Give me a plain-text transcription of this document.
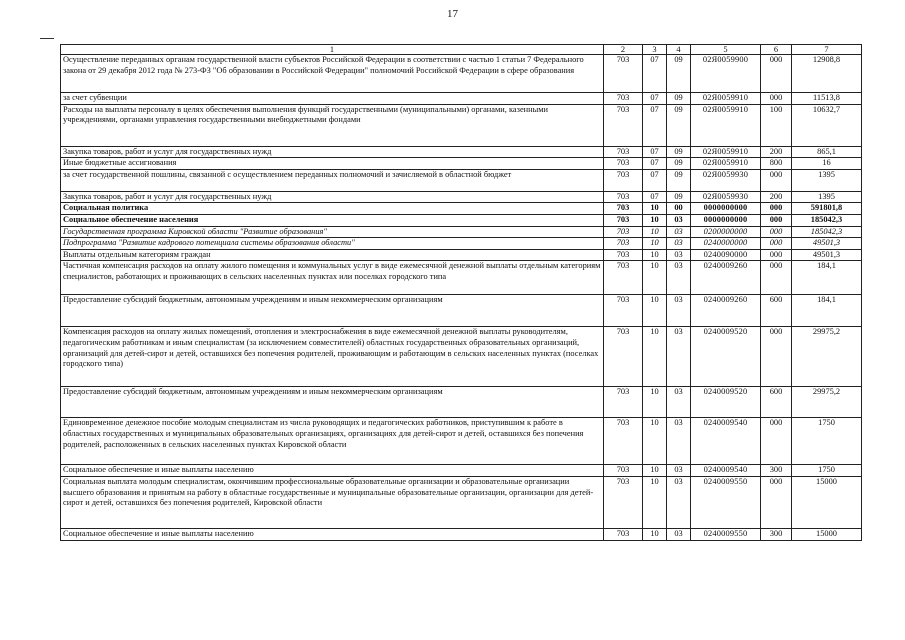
17
1	2	3	4	5	6	7
Осуществление переданных органам государственной власти субъектов Российской Федерации в соответствии с частью 1 статьи 7 Федерального закона от 29 декабря 2012 года № 273-ФЗ "Об образовании в Российской Федерации" полномочий Российской Федерации в сфере образования	703	07	09	02Я0059900	000	12908,8
за счет субвенции	703	07	09	02Я0059910	000	11513,8
Расходы на выплаты персоналу в целях обеспечения выполнения функций государственными (муниципальными) органами, казенными учреждениями, органами управления государственными внебюджетными фондами	703	07	09	02Я0059910	100	10632,7
Закупка товаров, работ и услуг для государственных нужд	703	07	09	02Я0059910	200	865,1
Иные бюджетные ассигнования	703	07	09	02Я0059910	800	16
за счет государственной пошлины, связанной с осуществлением переданных полномочий и зачисляемой в областной бюджет	703	07	09	02Я0059930	000	1395
Закупка товаров, работ и услуг для государственных нужд	703	07	09	02Я0059930	200	1395
Социальная политика	703	10	00	0000000000	000	591801,8
Социальное обеспечение населения	703	10	03	0000000000	000	185042,3
Государственная программа Кировской области "Развитие образования"	703	10	03	0200000000	000	185042,3
Подпрограмма "Развитие кадрового потенциала системы образования области"	703	10	03	0240000000	000	49501,3
Выплаты отдельным категориям граждан	703	10	03	0240090000	000	49501,3
Частичная компенсация расходов на оплату жилого помещения и коммунальных услуг в виде ежемесячной денежной выплаты отдельным категориям специалистов, работающих и проживающих в сельских населенных пунктах или поселках городского типа	703	10	03	0240009260	000	184,1
Предоставление субсидий бюджетным, автономным учреждениям и иным некоммерческим организациям	703	10	03	0240009260	600	184,1
Компенсация расходов на оплату жилых помещений, отопления и электроснабжения в виде ежемесячной денежной выплаты руководителям, педагогическим работникам и иным специалистам (за исключением совместителей) областных государственных образовательных организаций, организаций для детей-сирот и детей, оставшихся без попечения родителей, проживающим и работающим в сельских населенных пунктах (поселках городского типа)	703	10	03	0240009520	000	29975,2
Предоставление субсидий бюджетным, автономным учреждениям и иным некоммерческим организациям	703	10	03	0240009520	600	29975,2
Единовременное денежное пособие молодым специалистам из числа руководящих и педагогических работников, приступившим к работе в областных государственных и муниципальных образовательных организациях, организациях для детей-сирот и детей, оставшихся без попечения родителей, расположенных в сельских населенных пунктах Кировской области	703	10	03	0240009540	000	1750
Социальное обеспечение и иные выплаты населению	703	10	03	0240009540	300	1750
Социальная выплата молодым специалистам, окончившим профессиональные образовательные организации и образовательные организации высшего образования и принятым на работу в областные государственные и муниципальные образовательные организации, организации для детей-сирот и детей, оставшихся без попечения родителей, Кировской области	703	10	03	0240009550	000	15000
Социальное обеспечение и иные выплаты населению	703	10	03	0240009550	300	15000
